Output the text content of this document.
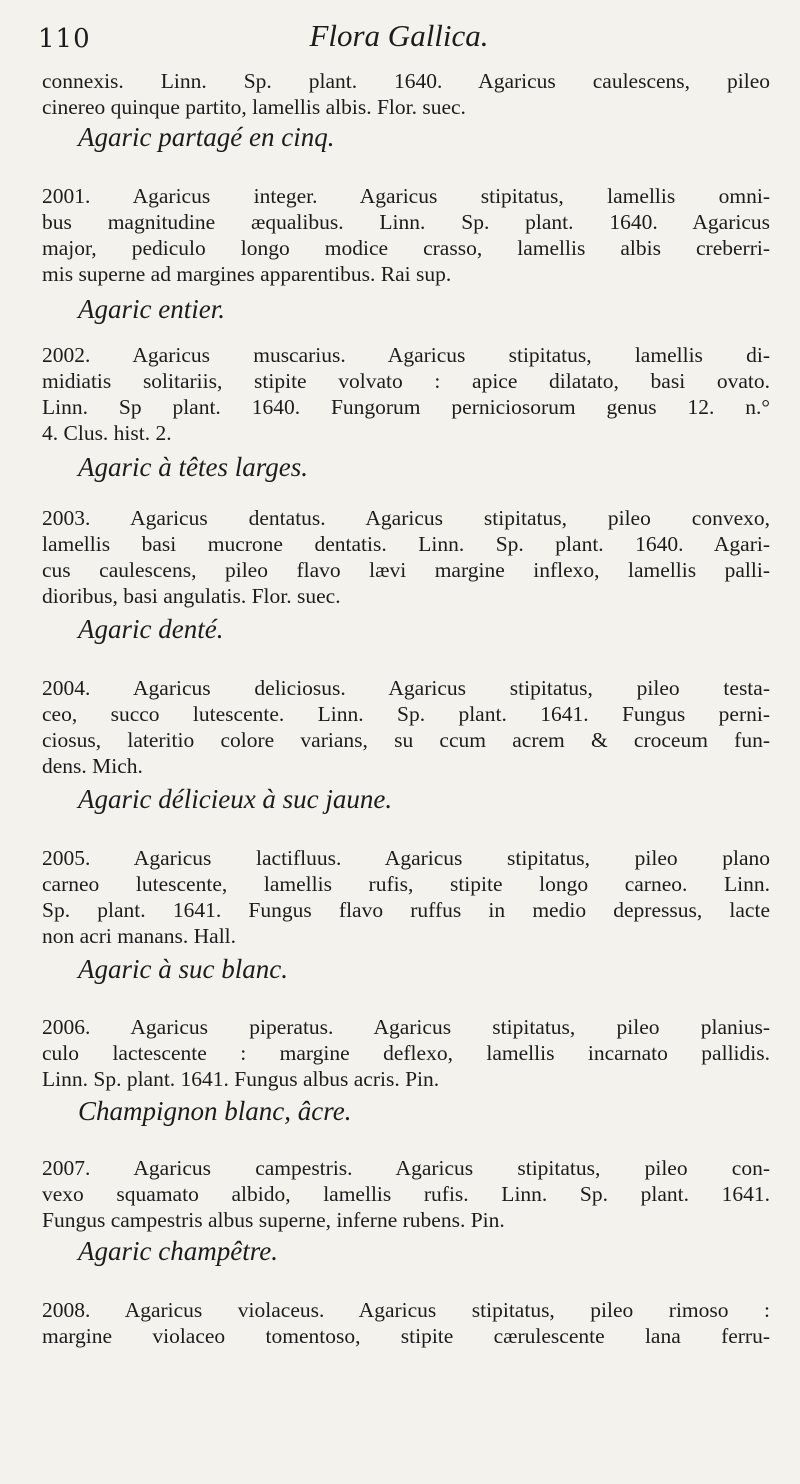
110	Flora Gallica.
connexis. Linn. Sp. plant. 1640. Agaricus caulescens, pileo
cinereo quinque partito, lamellis albis. Flor. suec.
Agaric partagé en cinq.
2001. Agaricus integer. Agaricus stipitatus, lamellis omni-
bus magnitudine æqualibus. Linn. Sp. plant. 1640. Agaricus
major, pediculo longo modice crasso, lamellis albis creberri-
mis superne ad margines apparentibus. Rai sup.
Agaric entier.
2002. Agaricus muscarius. Agaricus stipitatus, lamellis di-
midiatis solitariis, stipite volvato : apice dilatato, basi ovato.
Linn. Sp plant. 1640. Fungorum perniciosorum genus 12. n.°
4. Clus. hist. 2.
Agaric à têtes larges.
2003. Agaricus dentatus. Agaricus stipitatus, pileo convexo,
lamellis basi mucrone dentatis. Linn. Sp. plant. 1640. Agari-
cus caulescens, pileo flavo lævi margine inflexo, lamellis palli-
dioribus, basi angulatis. Flor. suec.
Agaric denté.
2004. Agaricus deliciosus. Agaricus stipitatus, pileo testa-
ceo, succo lutescente. Linn. Sp. plant. 1641. Fungus perni-
ciosus, lateritio colore varians, su ccum acrem & croceum fun-
dens. Mich.
Agaric délicieux à suc jaune.
2005. Agaricus lactifluus. Agaricus stipitatus, pileo plano
carneo lutescente, lamellis rufis, stipite longo carneo. Linn.
Sp. plant. 1641. Fungus flavo ruffus in medio depressus, lacte
non acri manans. Hall.
Agaric à suc blanc.
2006. Agaricus piperatus. Agaricus stipitatus, pileo planius-
culo lactescente : margine deflexo, lamellis incarnato pallidis.
Linn. Sp. plant. 1641. Fungus albus acris. Pin.
Champignon blanc, âcre.
2007. Agaricus campestris. Agaricus stipitatus, pileo con-
vexo squamato albido, lamellis rufis. Linn. Sp. plant. 1641.
Fungus campestris albus superne, inferne rubens. Pin.
Agaric champêtre.
2008. Agaricus violaceus. Agaricus stipitatus, pileo rimoso :
margine violaceo tomentoso, stipite cærulescente lana ferru-
